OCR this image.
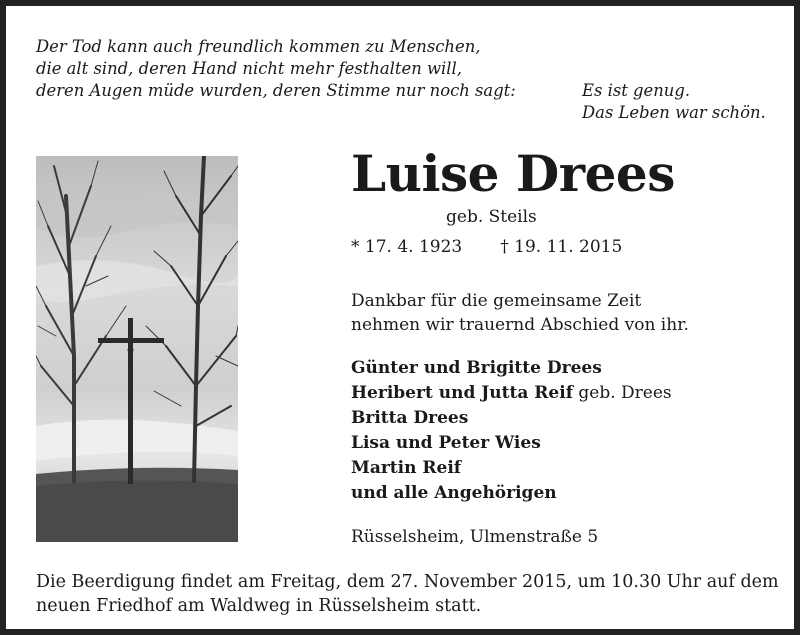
Der Tod kann auch freundlich kommen zu Menschen,
die alt sind, deren Hand nicht mehr festhalten will,
deren Augen müde wurden, deren Stimme nur noch sagt:	Es ist genug.
Das Leben war schön.
Luise Drees
geb. Steils
* 17. 4. 1923 † 19. 11. 2015
Dankbar für die gemeinsame Zeit
nehmen wir trauernd Abschied von ihr.
Günter und Brigitte Drees
Heribert und Jutta Reif geb. Drees
Britta Drees
Lisa und Peter Wies
Martin Reif
und alle Angehörigen
Rüsselsheim, Ulmenstraße 5
Die Beerdigung findet am Freitag, dem 27. November 2015, um 10.30 Uhr auf dem neuen Friedhof am Waldweg in Rüsselsheim statt.
